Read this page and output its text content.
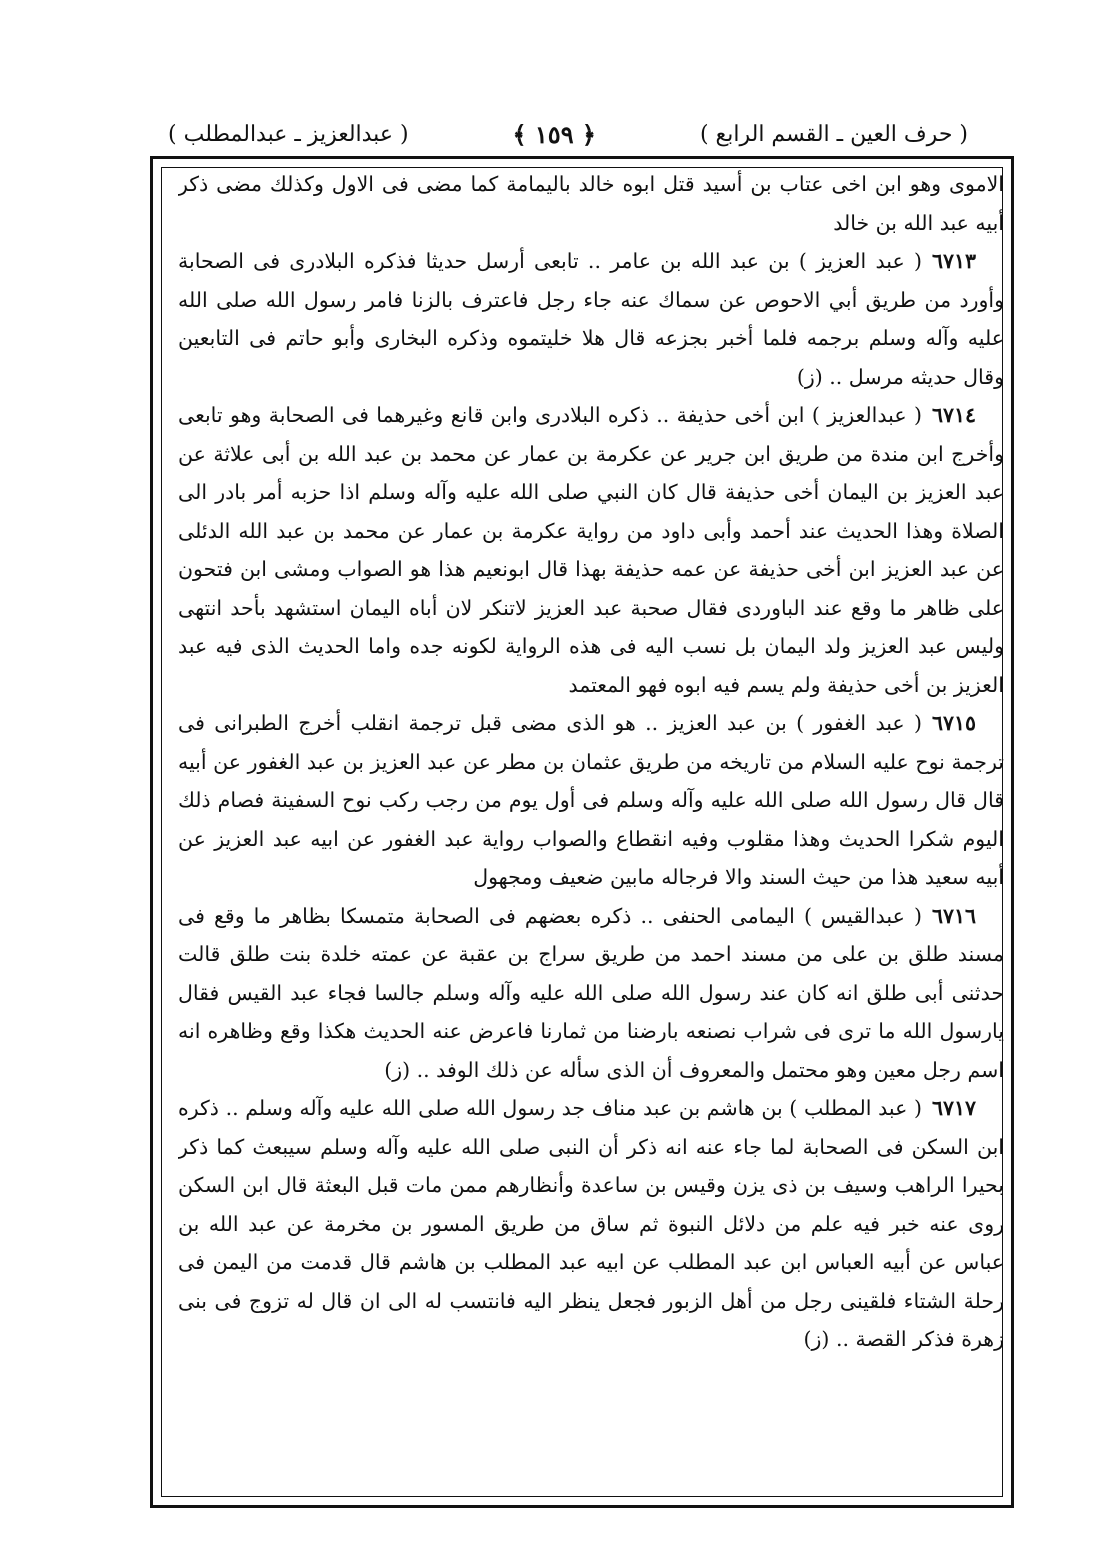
( حرف العين ـ القسم الرابع )
﴿ ١٥٩ ﴾
( عبدالعزيز ـ عبدالمطلب )

الاموى وهو ابن اخى عتاب بن أسيد قتل ابوه خالد باليمامة كما مضى فى الاول وكذلك مضى ذكر أبيه عبد الله بن خالد

٦٧١٣( عبد العزيز ) بن عبد الله بن عامر .. تابعى أرسل حديثا فذكره البلادرى فى الصحابة وأورد من طريق أبي الاحوص عن سماك عنه جاء رجل فاعترف بالزنا فامر رسول الله صلى الله عليه وآله وسلم برجمه فلما أخبر بجزعه قال هلا خليتموه وذكره البخارى وأبو حاتم فى التابعين وقال حديثه مرسل .. (ز)

٦٧١٤( عبدالعزيز ) ابن أخى حذيفة .. ذكره البلادرى وابن قانع وغيرهما فى الصحابة وهو تابعى وأخرج ابن مندة من طريق ابن جرير عن عكرمة بن عمار عن محمد بن عبد الله بن أبى علاثة عن عبد العزيز بن اليمان أخى حذيفة قال كان النبي صلى الله عليه وآله وسلم اذا حزبه أمر بادر الى الصلاة وهذا الحديث عند أحمد وأبى داود من رواية عكرمة بن عمار عن محمد بن عبد الله الدئلى عن عبد العزيز ابن أخى حذيفة عن عمه حذيفة بهذا قال ابونعيم هذا هو الصواب ومشى ابن فتحون على ظاهر ما وقع عند الباوردى فقال صحبة عبد العزيز لاتنكر لان أباه اليمان استشهد بأحد انتهى وليس عبد العزيز ولد اليمان بل نسب اليه فى هذه الرواية لكونه جده واما الحديث الذى فيه عبد العزيز بن أخى حذيفة ولم يسم فيه ابوه فهو المعتمد

٦٧١٥( عبد الغفور ) بن عبد العزيز .. هو الذى مضى قبل ترجمة انقلب أخرج الطبرانى فى ترجمة نوح عليه السلام من تاريخه من طريق عثمان بن مطر عن عبد العزيز بن عبد الغفور عن أبيه قال قال رسول الله صلى الله عليه وآله وسلم فى أول يوم من رجب ركب نوح السفينة فصام ذلك اليوم شكرا الحديث وهذا مقلوب وفيه انقطاع والصواب رواية عبد الغفور عن ابيه عبد العزيز عن أبيه سعيد هذا من حيث السند والا فرجاله مابين ضعيف ومجهول

٦٧١٦( عبدالقيس ) اليمامى الحنفى .. ذكره بعضهم فى الصحابة متمسكا بظاهر ما وقع فى مسند طلق بن على من مسند احمد من طريق سراج بن عقبة عن عمته خلدة بنت طلق قالت حدثنى أبى طلق انه كان عند رسول الله صلى الله عليه وآله وسلم جالسا فجاء عبد القيس فقال يارسول الله ما ترى فى شراب نصنعه بارضنا من ثمارنا فاعرض عنه الحديث هكذا وقع وظاهره انه اسم رجل معين وهو محتمل والمعروف أن الذى سأله عن ذلك الوفد .. (ز)

٦٧١٧( عبد المطلب ) بن هاشم بن عبد مناف جد رسول الله صلى الله عليه وآله وسلم .. ذكره ابن السكن فى الصحابة لما جاء عنه انه ذكر أن النبى صلى الله عليه وآله وسلم سيبعث كما ذكر بحيرا الراهب وسيف بن ذى يزن وقيس بن ساعدة وأنظارهم ممن مات قبل البعثة قال ابن السكن روى عنه خبر فيه علم من دلائل النبوة ثم ساق من طريق المسور بن مخرمة عن عبد الله بن عباس عن أبيه العباس ابن عبد المطلب عن ابيه عبد المطلب بن هاشم قال قدمت من اليمن فى رحلة الشتاء فلقينى رجل من أهل الزبور فجعل ينظر اليه فانتسب له الى ان قال له تزوج فى بنى زهرة فذكر القصة .. (ز)
